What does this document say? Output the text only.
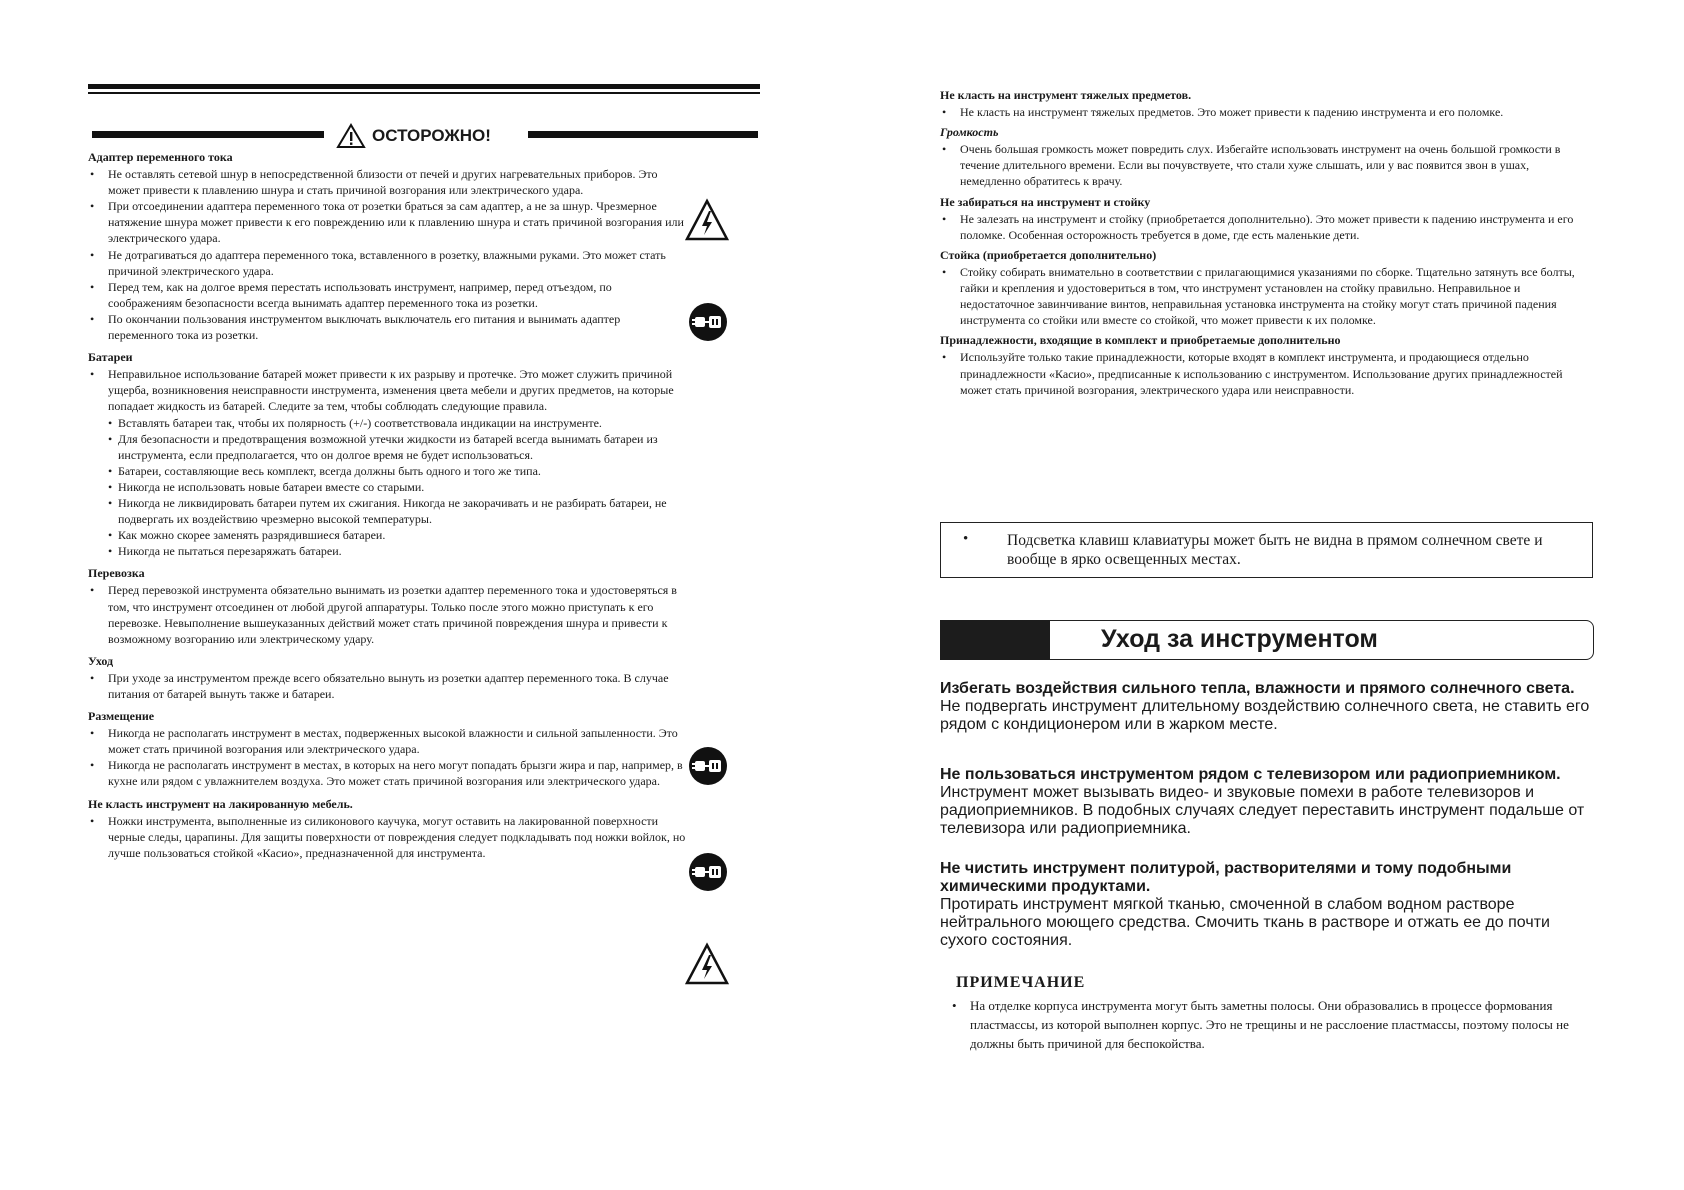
ОСТОРОЖНО!
Адаптер переменного тока
• Не оставлять сетевой шнур в непосредственной близости от печей и других нагревательных приборов. Это может привести к плавлению шнура и стать причиной возгорания или электрического удара.
• При отсоединении адаптера переменного тока от розетки браться за сам адаптер, а не за шнур. Чрезмерное натяжение шнура может привести к его повреждению или к плавлению шнура и стать причиной возгорания или электрического удара.
• Не дотрагиваться до адаптера переменного тока, вставленного в розетку, влажными руками. Это может стать причиной электрического удара.
• Перед тем, как на долгое время перестать использовать инструмент, например, перед отъездом, по соображениям безопасности всегда вынимать адаптер переменного тока из розетки.
• По окончании пользования инструментом выключать выключатель его питания и вынимать адаптер переменного тока из розетки.
Батареи
• Неправильное использование батарей может привести к их разрыву и протечке. Это может служить причиной ущерба, возникновения неисправности инструмента, изменения цвета мебели и других предметов, на которые попадает жидкость из батарей. Следите за тем, чтобы соблюдать следующие правила.
• Вставлять батареи так, чтобы их полярность (+/-) соответствовала индикации на инструменте.
• Для безопасности и предотвращения возможной утечки жидкости из батарей всегда вынимать батареи из инструмента, если предполагается, что он долгое время не будет использоваться.
• Батареи, составляющие весь комплект, всегда должны быть одного и того же типа.
• Никогда не использовать новые батареи вместе со старыми.
• Никогда не ликвидировать батареи путем их сжигания. Никогда не закорачивать и не разбирать батареи, не подвергать их воздействию чрезмерно высокой температуры.
• Как можно скорее заменять разрядившиеся батареи.
• Никогда не пытаться перезаряжать батареи.
Перевозка
• Перед перевозкой инструмента обязательно вынимать из розетки адаптер переменного тока и удостоверяться в том, что инструмент отсоединен от любой другой аппаратуры. Только после этого можно приступать к его перевозке. Невыполнение вышеуказанных действий может стать причиной повреждения шнура и привести к возможному возгоранию или электрическому удару.
Уход
• При уходе за инструментом прежде всего обязательно вынуть из розетки адаптер переменного тока. В случае питания от батарей вынуть также и батареи.
Размещение
• Никогда не располагать инструмент в местах, подверженных высокой влажности и сильной запыленности. Это может стать причиной возгорания или электрического удара.
• Никогда не располагать инструмент в местах, в которых на него могут попадать брызги жира и пар, например, в кухне или рядом с увлажнителем воздуха. Это может стать причиной возгорания или электрического удара.
Не класть инструмент на лакированную мебель.
• Ножки инструмента, выполненные из силиконового каучука, могут оставить на лакированной поверхности черные следы, царапины. Для защиты поверхности от повреждения следует подкладывать под ножки войлок, но лучше пользоваться стойкой «Касио», предназначенной для инструмента.
Не класть на инструмент тяжелых предметов.
• Не класть на инструмент тяжелых предметов. Это может привести к падению инструмента и его поломке.
Громкость
• Очень большая громкость может повредить слух. Избегайте использовать инструмент на очень большой громкости в течение длительного времени. Если вы почувствуете, что стали хуже слышать, или у вас появится звон в ушах, немедленно обратитесь к врачу.
Не забираться на инструмент и стойку
• Не залезать на инструмент и стойку (приобретается дополнительно). Это может привести к падению инструмента и его поломке. Особенная осторожность требуется в доме, где есть маленькие дети.
Стойка (приобретается дополнительно)
• Стойку собирать внимательно в соответствии с прилагающимися указаниями по сборке. Тщательно затянуть все болты, гайки и крепления и удостовериться в том, что инструмент установлен на стойку правильно. Неправильное и недостаточное завинчивание винтов, неправильная установка инструмента на стойку могут стать причиной падения инструмента со стойки или вместе со стойкой, что может привести к их поломке.
Принадлежности, входящие в комплект и приобретаемые дополнительно
• Используйте только такие принадлежности, которые входят в комплект инструмента, и продающиеся отдельно принадлежности «Касио», предписанные к использованию с инструментом. Использование других принадлежностей может стать причиной возгорания, электрического удара или неисправности.
• Подсветка клавиш клавиатуры может быть не видна в прямом солнечном свете и вообще в ярко освещенных местах.
Уход за инструментом
Избегать воздействия сильного тепла, влажности и прямого солнечного света.

Не подвергать инструмент длительному воздействию солнечного света, не ставить его рядом с кондиционером или в жарком месте.

Не пользоваться инструментом рядом с телевизором или радиоприемником.

Инструмент может вызывать видео- и звуковые помехи в работе телевизоров и радиоприемников. В подобных случаях следует переставить инструмент подальше от телевизора или радиоприемника.

Не чистить инструмент политурой, растворителями и тому подобными химическими продуктами.

Протирать инструмент мягкой тканью, смоченной в слабом водном растворе нейтрального моющего средства. Смочить ткань в растворе и отжать ее до почти сухого состояния.

ПРИМЕЧАНИЕ
• На отделке корпуса инструмента могут быть заметны полосы. Они образовались в процессе формования пластмассы, из которой выполнен корпус. Это не трещины и не расслоение пластмассы, поэтому полосы не должны быть причиной для беспокойства.
